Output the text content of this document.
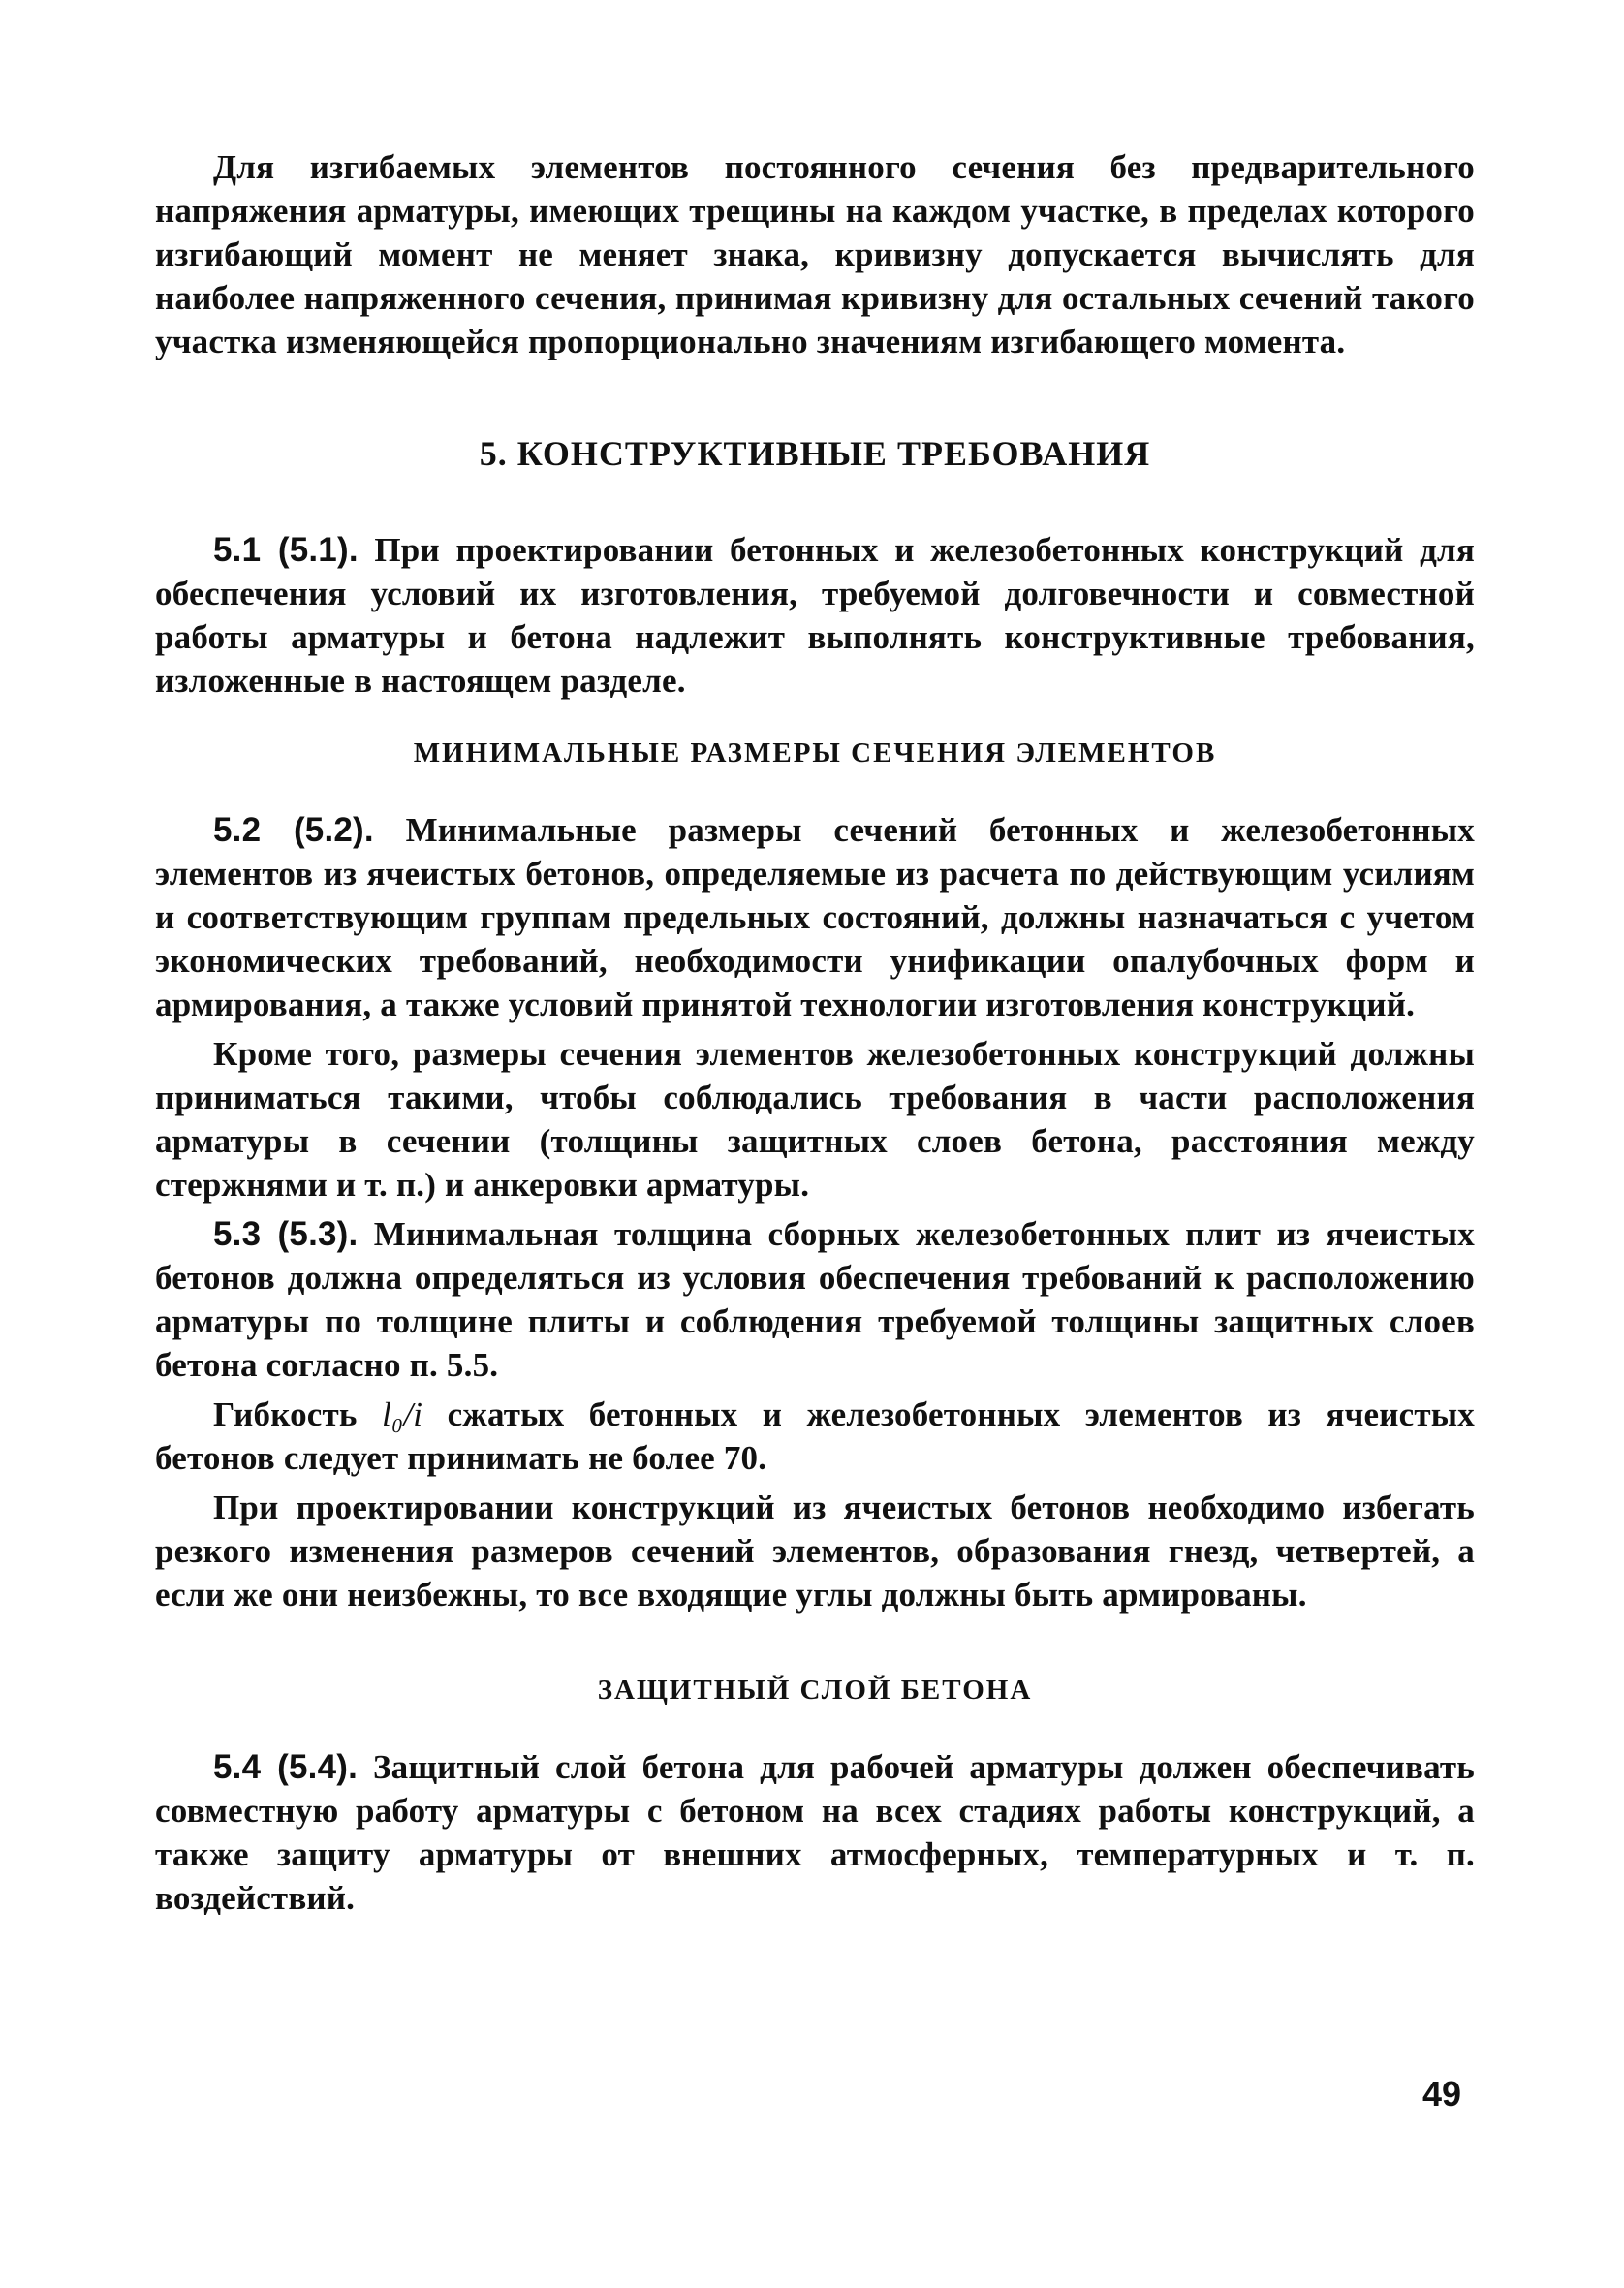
Для изгибаемых элементов постоянного сечения без предварительного напряжения арматуры, имеющих трещины на каждом участке, в пределах которого изгибающий момент не меняет знака, кривизну допускается вычислять для наиболее напряженного сечения, принимая кривизну для остальных сечений такого участка изменяющейся пропорционально значениям изгибающего момента.

5. КОНСТРУКТИВНЫЕ ТРЕБОВАНИЯ

5.1 (5.1). При проектировании бетонных и железобетонных конструкций для обеспечения условий их изготовления, требуемой долговечности и совместной работы арматуры и бетона надлежит выполнять конструктивные требования, изложенные в настоящем разделе.

МИНИМАЛЬНЫЕ РАЗМЕРЫ СЕЧЕНИЯ ЭЛЕМЕНТОВ

5.2 (5.2). Минимальные размеры сечений бетонных и железобетонных элементов из ячеистых бетонов, определяемые из расчета по действующим усилиям и соответствующим группам предельных состояний, должны назначаться с учетом экономических требований, необходимости унификации опалубочных форм и армирования, а также условий принятой технологии изготовления конструкций.

Кроме того, размеры сечения элементов железобетонных конструкций должны приниматься такими, чтобы соблюдались требования в части расположения арматуры в сечении (толщины защитных слоев бетона, расстояния между стержнями и т. п.) и анкеровки арматуры.

5.3 (5.3). Минимальная толщина сборных железобетонных плит из ячеистых бетонов должна определяться из условия обеспечения требований к расположению арматуры по толщине плиты и соблюдения требуемой толщины защитных слоев бетона согласно п. 5.5.

Гибкость l₀/i сжатых бетонных и железобетонных элементов из ячеистых бетонов следует принимать не более 70.

При проектировании конструкций из ячеистых бетонов необходимо избегать резкого изменения размеров сечений элементов, образования гнезд, четвертей, а если же они неизбежны, то все входящие углы должны быть армированы.

ЗАЩИТНЫЙ СЛОЙ БЕТОНА

5.4 (5.4). Защитный слой бетона для рабочей арматуры должен обеспечивать совместную работу арматуры с бетоном на всех стадиях работы конструкций, а также защиту арматуры от внешних атмосферных, температурных и т. п. воздействий.

49
